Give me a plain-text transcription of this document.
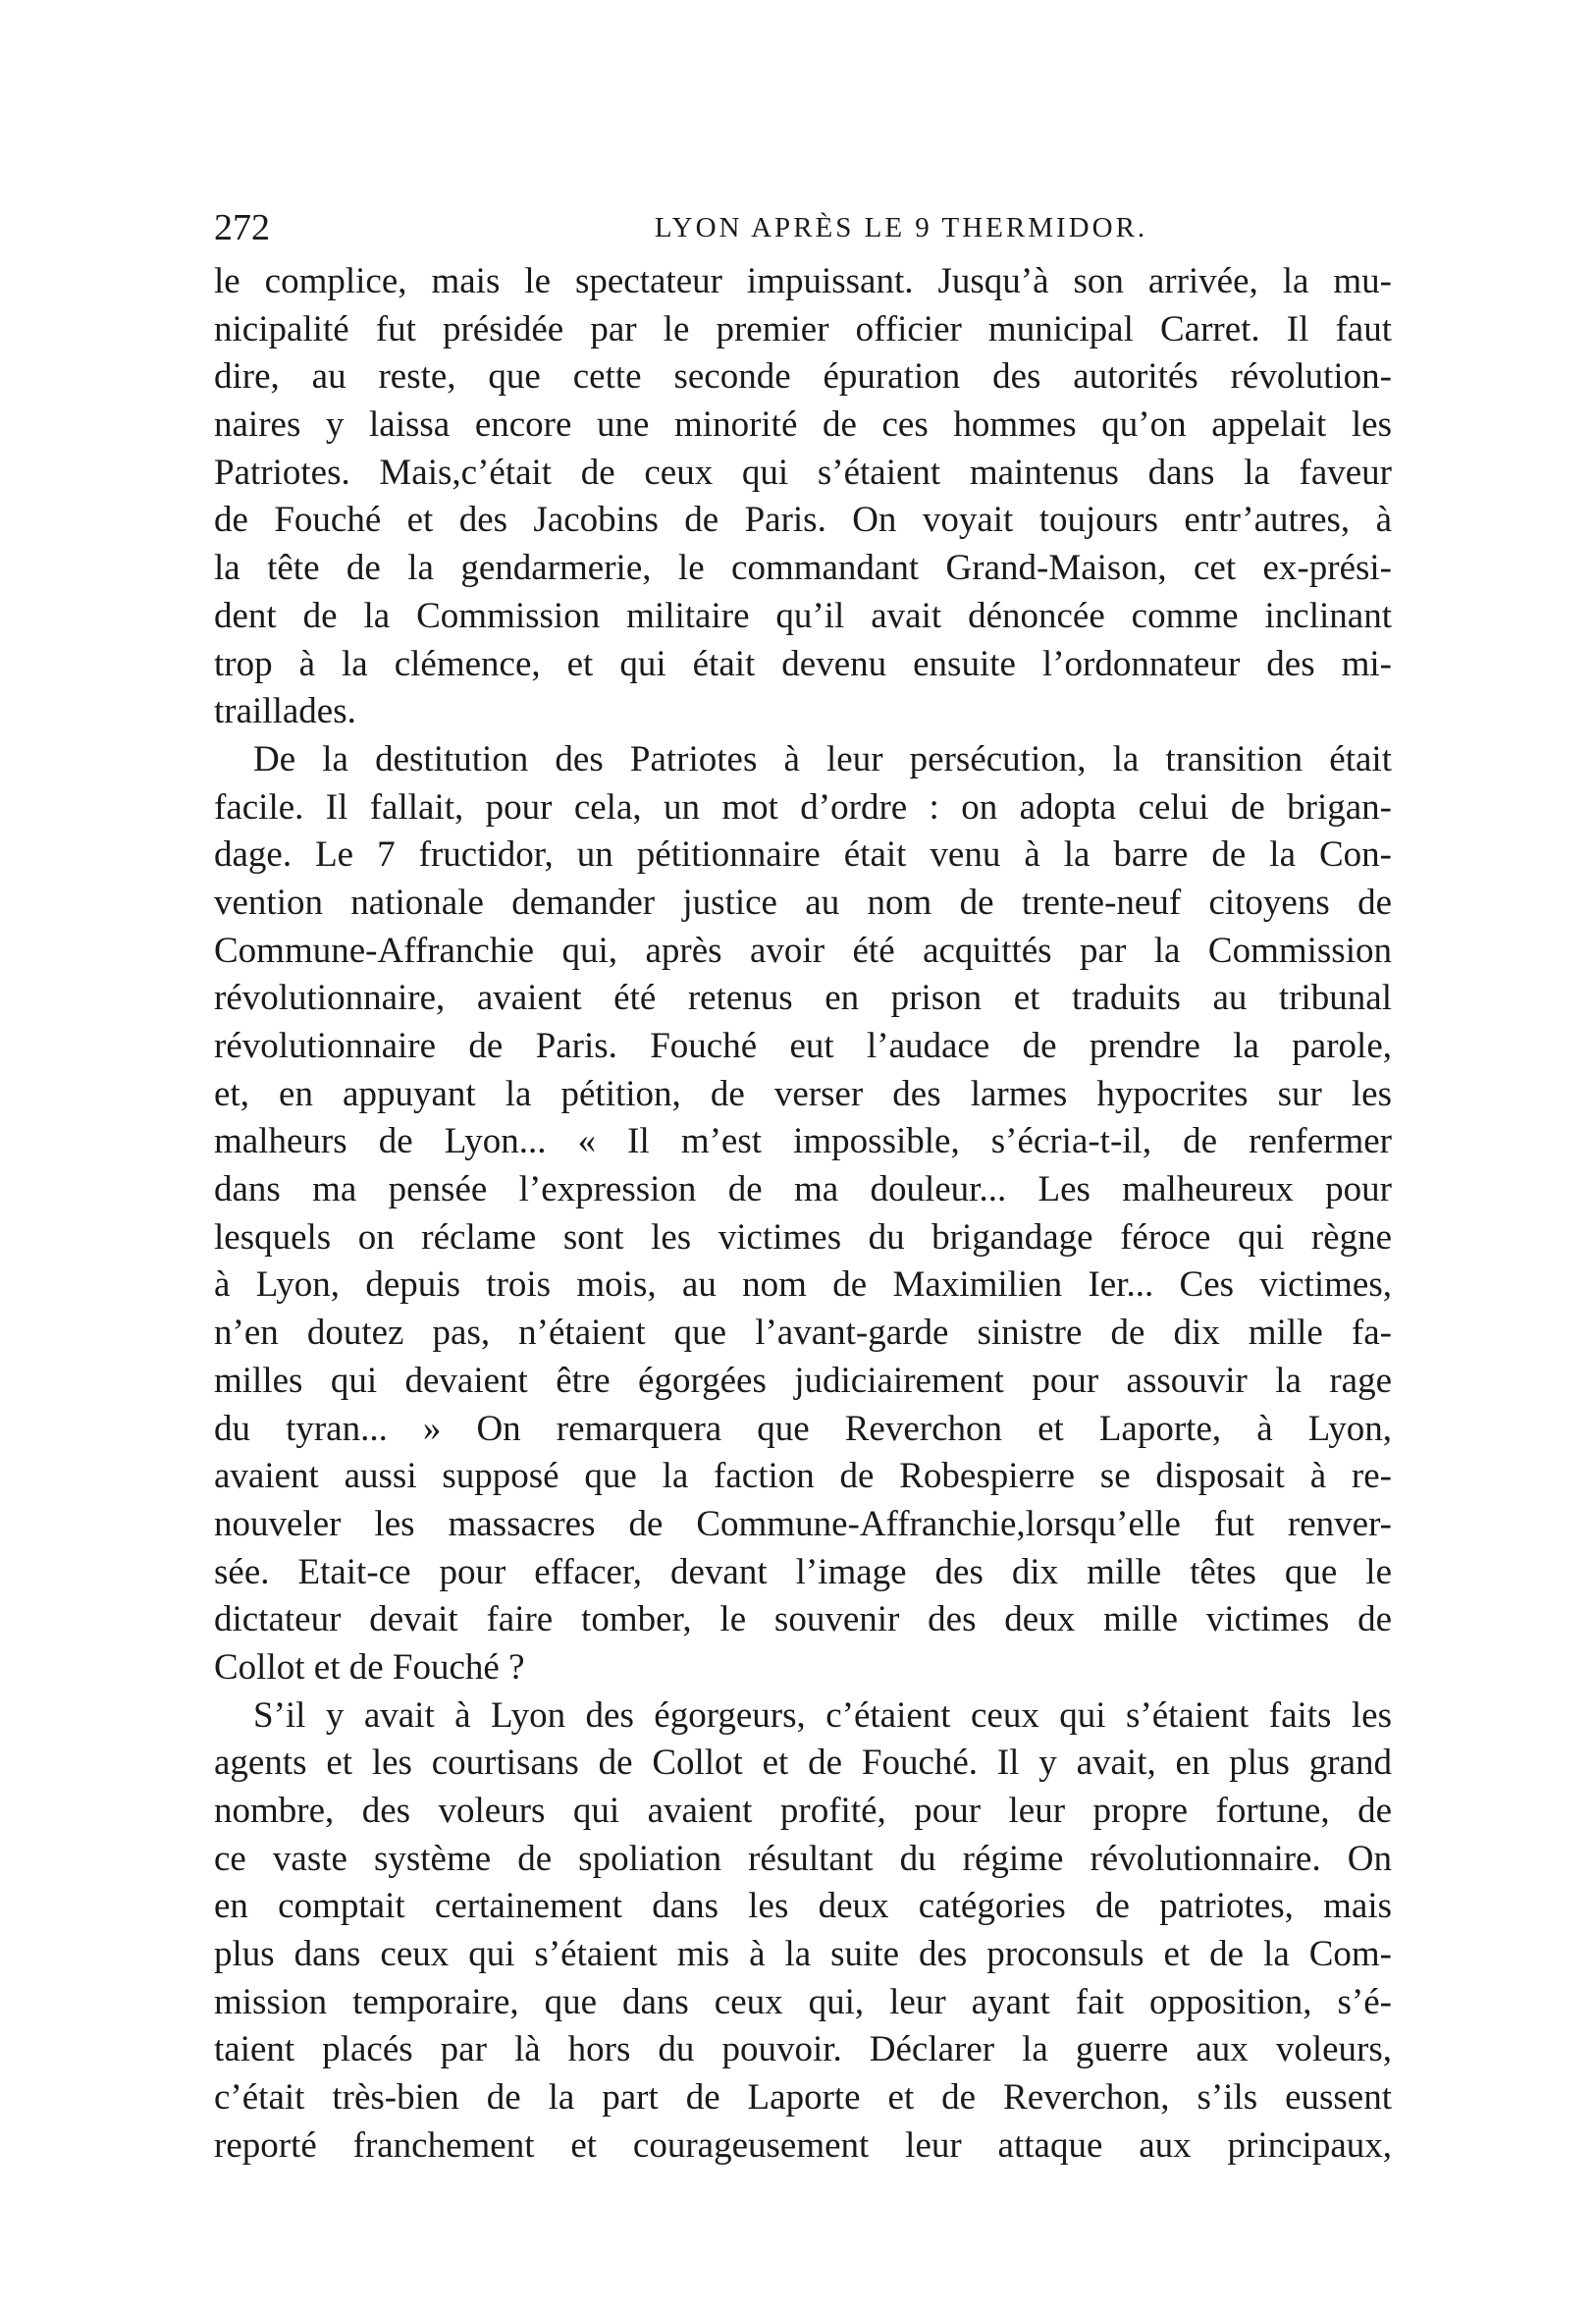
272	LYON APRÈS LE 9 THERMIDOR.
le complice, mais le spectateur impuissant. Jusqu’à son arrivée, la mu-
nicipalité fut présidée par le premier officier municipal Carret. Il faut
dire, au reste, que cette seconde épuration des autorités révolution-
naires y laissa encore une minorité de ces hommes qu’on appelait les
Patriotes. Mais,c’était de ceux qui s’étaient maintenus dans la faveur
de Fouché et des Jacobins de Paris. On voyait toujours entr’autres, à
la tête de la gendarmerie, le commandant Grand-Maison, cet ex-prési-
dent de la Commission militaire qu’il avait dénoncée comme inclinant
trop à la clémence, et qui était devenu ensuite l’ordonnateur des mi-
traillades.
De la destitution des Patriotes à leur persécution, la transition était
facile. Il fallait, pour cela, un mot d’ordre : on adopta celui de brigan-
dage. Le 7 fructidor, un pétitionnaire était venu à la barre de la Con-
vention nationale demander justice au nom de trente-neuf citoyens de
Commune-Affranchie qui, après avoir été acquittés par la Commission
révolutionnaire, avaient été retenus en prison et traduits au tribunal
révolutionnaire de Paris. Fouché eut l’audace de prendre la parole,
et, en appuyant la pétition, de verser des larmes hypocrites sur les
malheurs de Lyon... « Il m’est impossible, s’écria-t-il, de renfermer
dans ma pensée l’expression de ma douleur... Les malheureux pour
lesquels on réclame sont les victimes du brigandage féroce qui règne
à Lyon, depuis trois mois, au nom de Maximilien Ier... Ces victimes,
n’en doutez pas, n’étaient que l’avant-garde sinistre de dix mille fa-
milles qui devaient être égorgées judiciairement pour assouvir la rage
du tyran... » On remarquera que Reverchon et Laporte, à Lyon,
avaient aussi supposé que la faction de Robespierre se disposait à re-
nouveler les massacres de Commune-Affranchie,lorsqu’elle fut renver-
sée. Etait-ce pour effacer, devant l’image des dix mille têtes que le
dictateur devait faire tomber, le souvenir des deux mille victimes de
Collot et de Fouché ?
S’il y avait à Lyon des égorgeurs, c’étaient ceux qui s’étaient faits les
agents et les courtisans de Collot et de Fouché. Il y avait, en plus grand
nombre, des voleurs qui avaient profité, pour leur propre fortune, de
ce vaste système de spoliation résultant du régime révolutionnaire. On
en comptait certainement dans les deux catégories de patriotes, mais
plus dans ceux qui s’étaient mis à la suite des proconsuls et de la Com-
mission temporaire, que dans ceux qui, leur ayant fait opposition, s’é-
taient placés par là hors du pouvoir. Déclarer la guerre aux voleurs,
c’était très-bien de la part de Laporte et de Reverchon, s’ils eussent
reporté franchement et courageusement leur attaque aux principaux,
